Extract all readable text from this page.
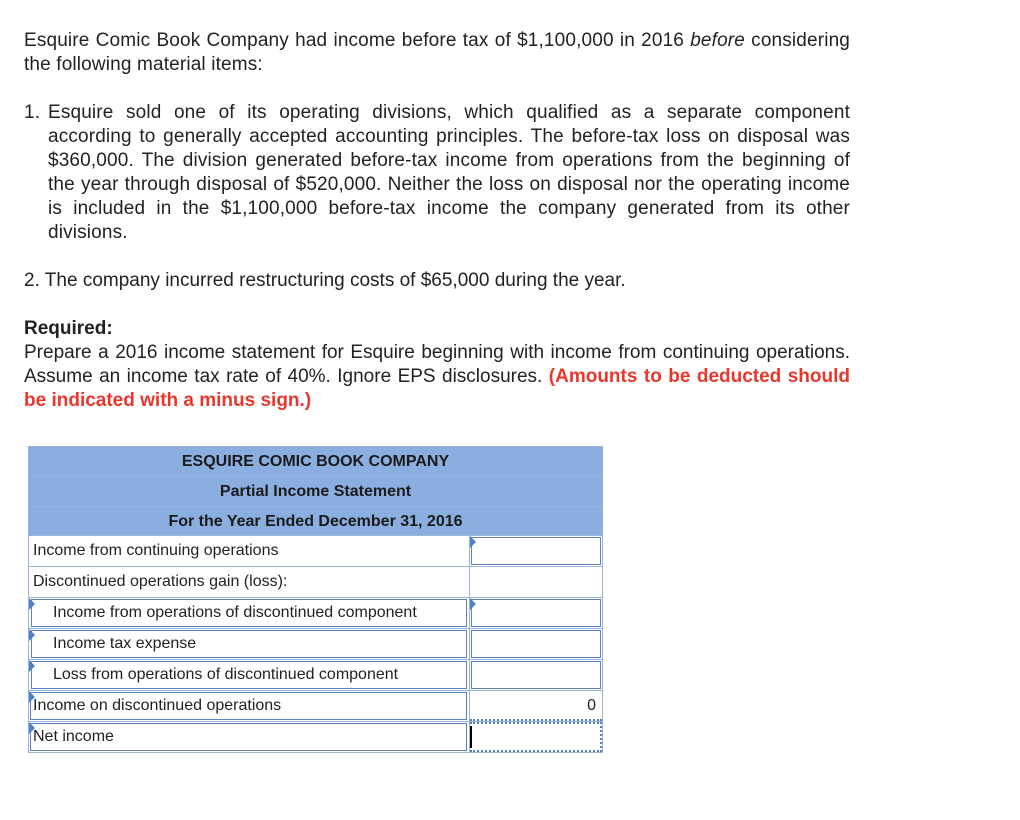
Esquire Comic Book Company had income before tax of $1,100,000 in 2016 before considering the following material items:
1. Esquire sold one of its operating divisions, which qualified as a separate component according to generally accepted accounting principles. The before-tax loss on disposal was $360,000. The division generated before-tax income from operations from the beginning of the year through disposal of $520,000. Neither the loss on disposal nor the operating income is included in the $1,100,000 before-tax income the company generated from its other divisions.
2. The company incurred restructuring costs of $65,000 during the year.
Required:
Prepare a 2016 income statement for Esquire beginning with income from continuing operations. Assume an income tax rate of 40%. Ignore EPS disclosures. (Amounts to be deducted should be indicated with a minus sign.)
ESQUIRE COMIC BOOK COMPANY
Partial Income Statement
For the Year Ended December 31, 2016
Income from continuing operations
Discontinued operations gain (loss):
Income from operations of discontinued component
Income tax expense
Loss from operations of discontinued component
Income on discontinued operations	0
Net income
